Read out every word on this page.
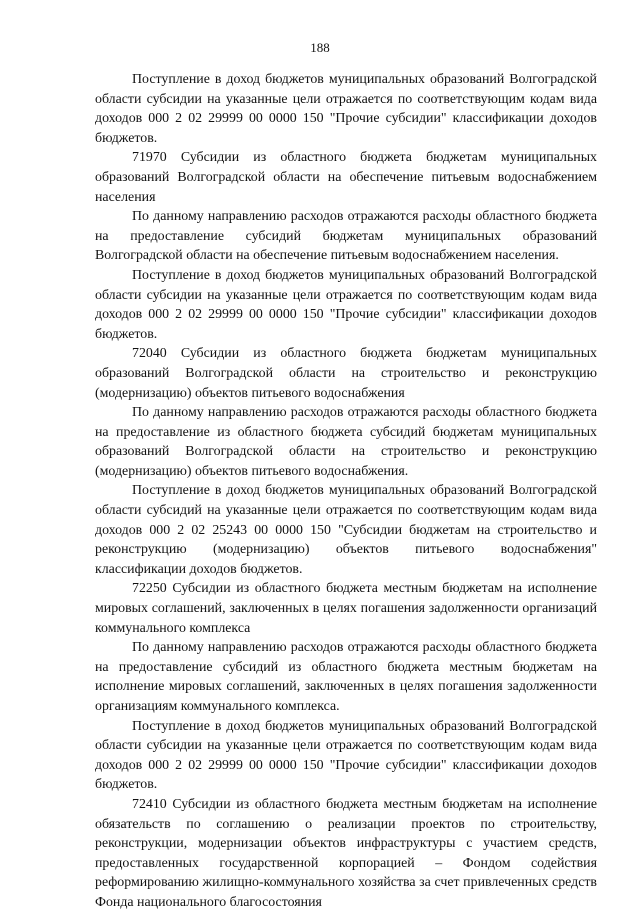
188

Поступление в доход бюджетов муниципальных образований Волгоградской области субсидии на указанные цели отражается по соответствующим кодам вида доходов 000 2 02 29999 00 0000 150 "Прочие субсидии" классификации доходов бюджетов.

71970 Субсидии из областного бюджета бюджетам муниципальных образований Волгоградской области на обеспечение питьевым водоснабжением населения

По данному направлению расходов отражаются расходы областного бюджета на предоставление субсидий бюджетам муниципальных образований Волгоградской области на обеспечение питьевым водоснабжением населения.

Поступление в доход бюджетов муниципальных образований Волгоградской области субсидии на указанные цели отражается по соответствующим кодам вида доходов 000 2 02 29999 00 0000 150 "Прочие субсидии" классификации доходов бюджетов.

72040 Субсидии из областного бюджета бюджетам муниципальных образований Волгоградской области на строительство и реконструкцию (модернизацию) объектов питьевого водоснабжения

По данному направлению расходов отражаются расходы областного бюджета на предоставление из областного бюджета субсидий бюджетам муниципальных образований Волгоградской области на строительство и реконструкцию (модернизацию) объектов питьевого водоснабжения.

Поступление в доход бюджетов муниципальных образований Волгоградской области субсидий на указанные цели отражается по соответствующим кодам вида доходов 000 2 02 25243 00 0000 150 "Субсидии бюджетам на строительство и реконструкцию (модернизацию) объектов питьевого водоснабжения" классификации доходов бюджетов.

72250 Субсидии из областного бюджета местным бюджетам на исполнение мировых соглашений, заключенных в целях погашения задолженности организаций коммунального комплекса

По данному направлению расходов отражаются расходы областного бюджета на предоставление субсидий из областного бюджета местным бюджетам на исполнение мировых соглашений, заключенных в целях погашения задолженности организациям коммунального комплекса.

Поступление в доход бюджетов муниципальных образований Волгоградской области субсидии на указанные цели отражается по соответствующим кодам вида доходов 000 2 02 29999 00 0000 150 "Прочие субсидии" классификации доходов бюджетов.

72410 Субсидии из областного бюджета местным бюджетам на исполнение обязательств по соглашению о реализации проектов по строительству, реконструкции, модернизации объектов инфраструктуры с участием средств, предоставленных государственной корпорацией – Фондом содействия реформированию жилищно-коммунального хозяйства за счет привлеченных средств Фонда национального благосостояния
